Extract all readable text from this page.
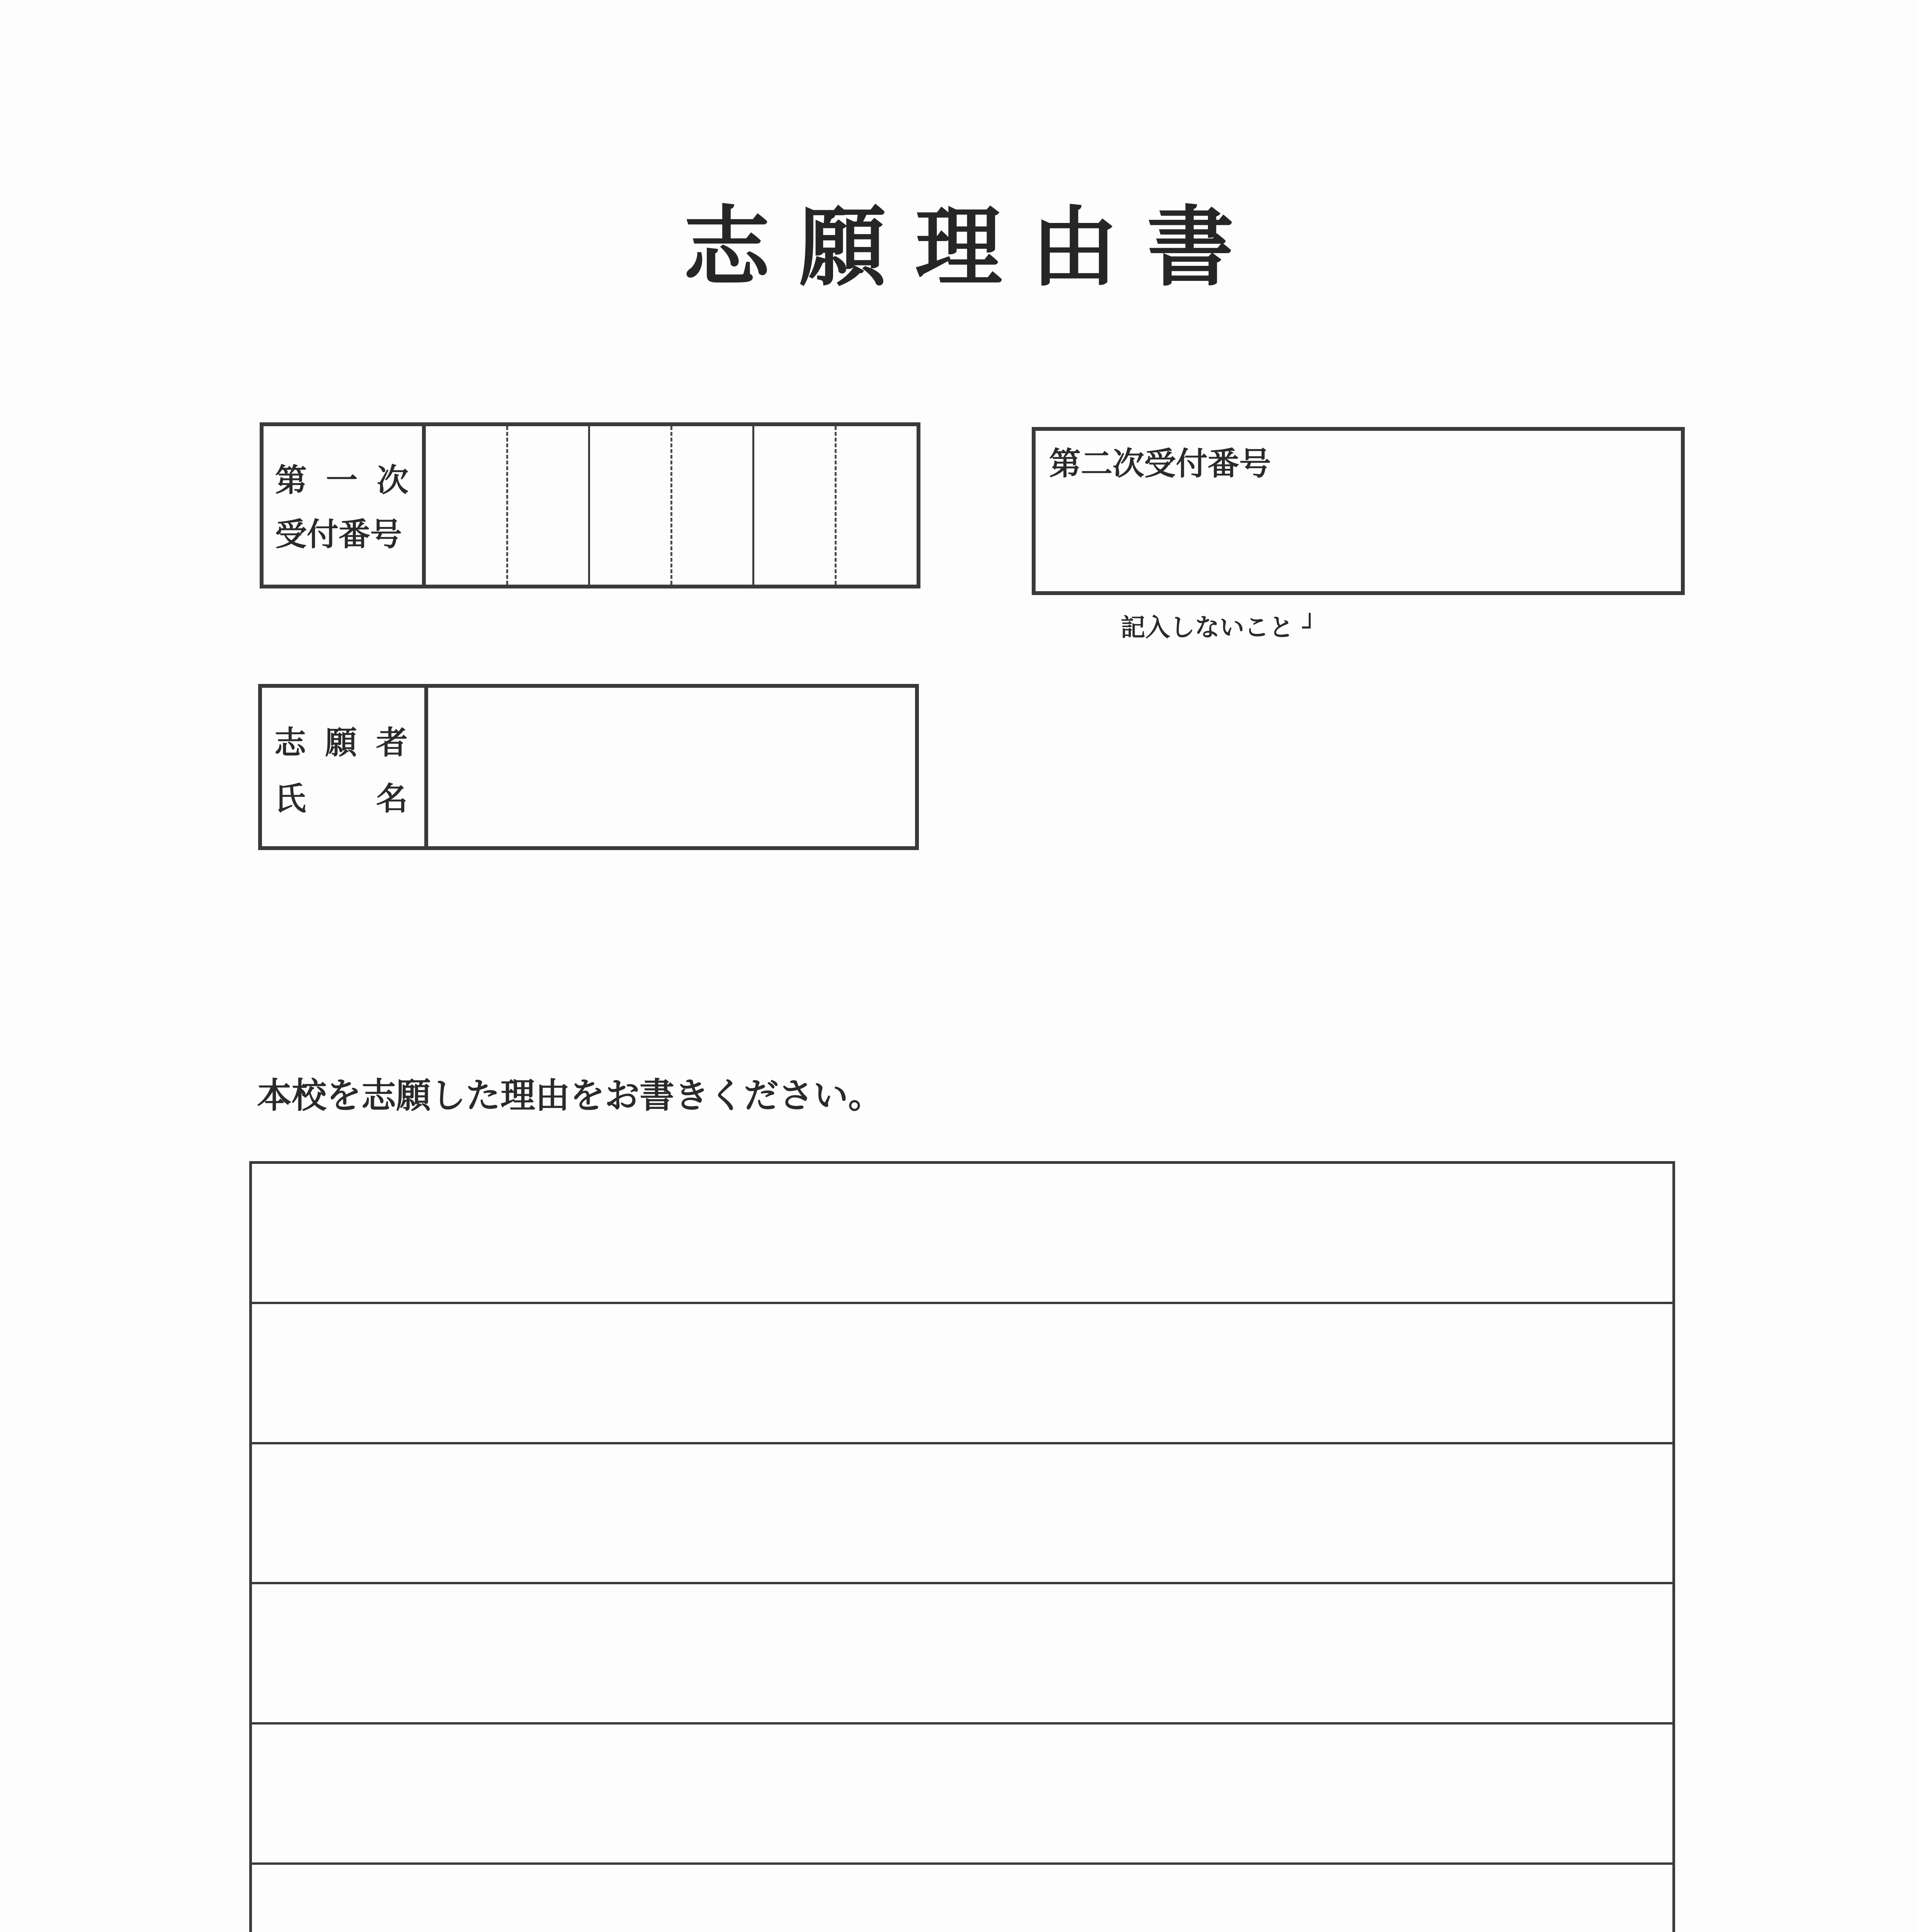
志願理由書
第 一 次
受付番号
第二次受付番号
記入しないこと ┘
志 願 者
氏 名
本校を志願した理由をお書きください。
